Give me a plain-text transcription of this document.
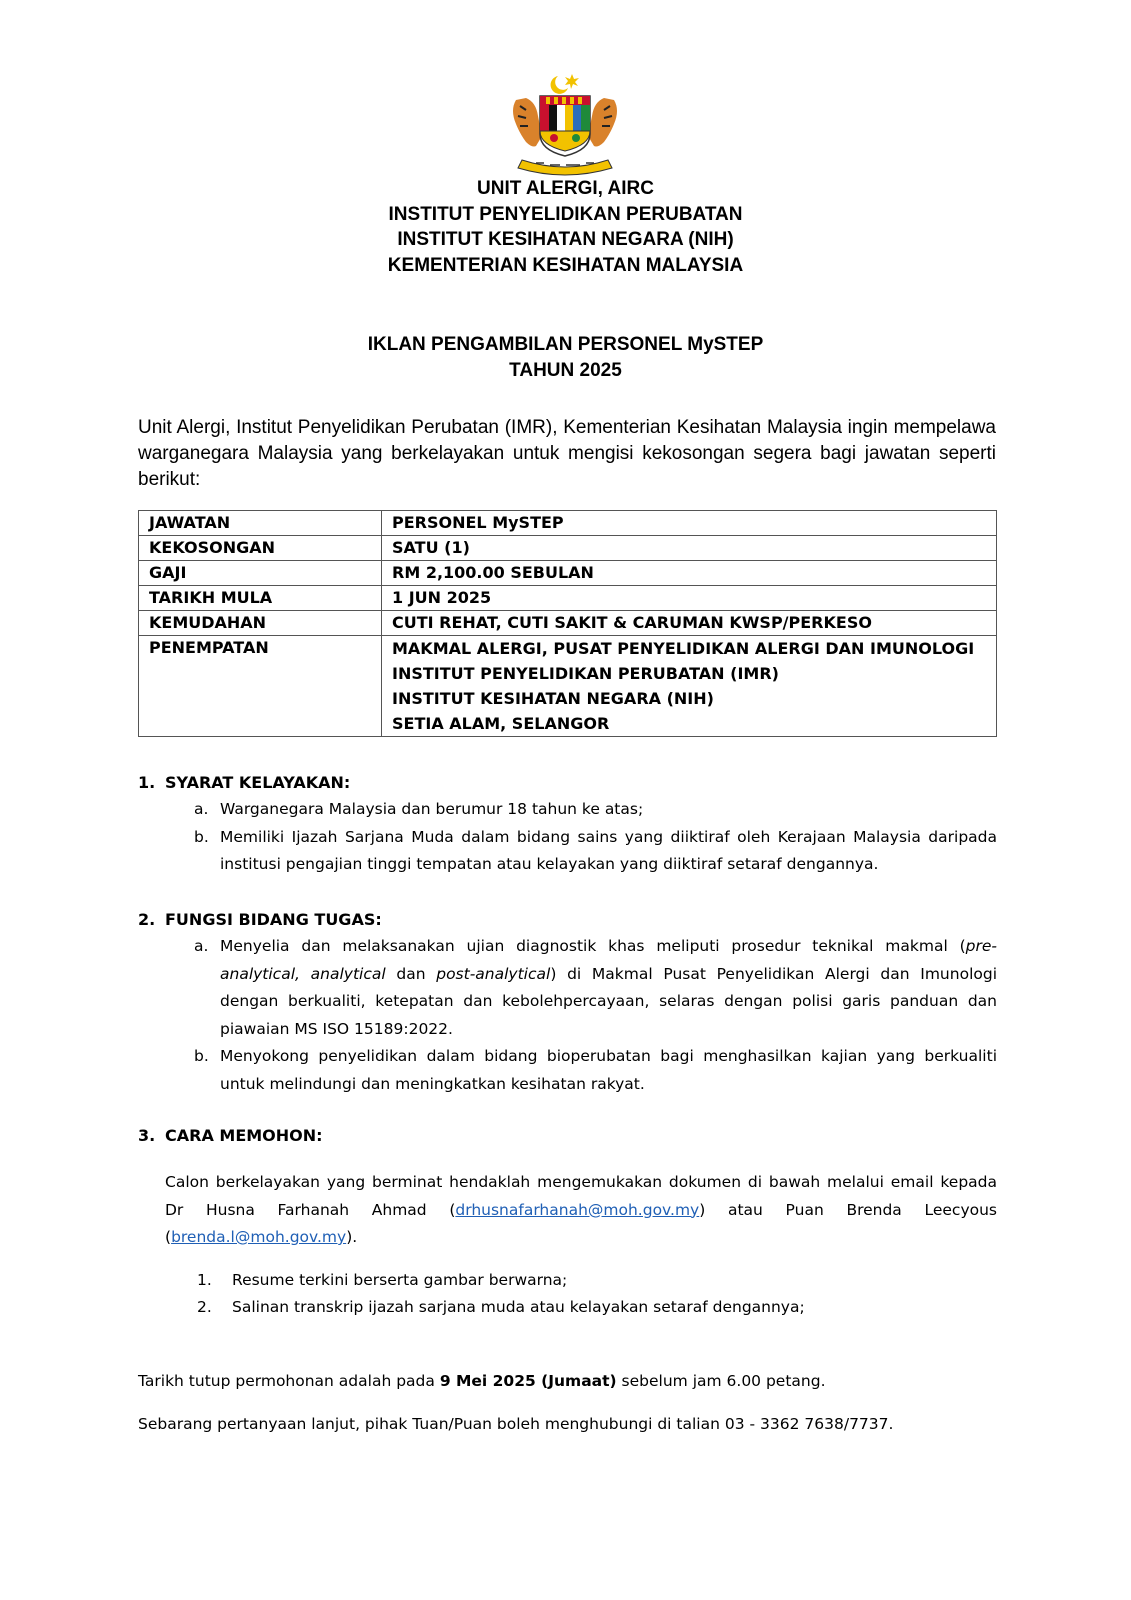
UNIT ALERGI, AIRC
INSTITUT PENYELIDIKAN PERUBATAN
INSTITUT KESIHATAN NEGARA (NIH)
KEMENTERIAN KESIHATAN MALAYSIA
IKLAN PENGAMBILAN PERSONEL MySTEP
TAHUN 2025
Unit Alergi, Institut Penyelidikan Perubatan (IMR), Kementerian Kesihatan Malaysia ingin mempelawa warganegara Malaysia yang berkelayakan untuk mengisi kekosongan segera bagi jawatan seperti berikut:
JAWATAN	PERSONEL MySTEP
KEKOSONGAN	SATU (1)
GAJI	RM 2,100.00 SEBULAN
TARIKH MULA	1 JUN 2025
KEMUDAHAN	CUTI REHAT, CUTI SAKIT & CARUMAN KWSP/PERKESO
PENEMPATAN	MAKMAL ALERGI, PUSAT PENYELIDIKAN ALERGI DAN IMUNOLOGI
INSTITUT PENYELIDIKAN PERUBATAN (IMR)
INSTITUT KESIHATAN NEGARA (NIH)
SETIA ALAM, SELANGOR
1. SYARAT KELAYAKAN:
a. Warganegara Malaysia dan berumur 18 tahun ke atas;
b. Memiliki Ijazah Sarjana Muda dalam bidang sains yang diiktiraf oleh Kerajaan Malaysia daripada institusi pengajian tinggi tempatan atau kelayakan yang diiktiraf setaraf dengannya.
2. FUNGSI BIDANG TUGAS:
a. Menyelia dan melaksanakan ujian diagnostik khas meliputi prosedur teknikal makmal (pre-analytical, analytical dan post-analytical) di Makmal Pusat Penyelidikan Alergi dan Imunologi dengan berkualiti, ketepatan dan kebolehpercayaan, selaras dengan polisi garis panduan dan piawaian MS ISO 15189:2022.
b. Menyokong penyelidikan dalam bidang bioperubatan bagi menghasilkan kajian yang berkualiti untuk melindungi dan meningkatkan kesihatan rakyat.
3. CARA MEMOHON:
Calon berkelayakan yang berminat hendaklah mengemukakan dokumen di bawah melalui email kepada Dr Husna Farhanah Ahmad (drhusnafarhanah@moh.gov.my) atau Puan Brenda Leecyous (brenda.l@moh.gov.my).
1. Resume terkini berserta gambar berwarna;
2. Salinan transkrip ijazah sarjana muda atau kelayakan setaraf dengannya;
Tarikh tutup permohonan adalah pada 9 Mei 2025 (Jumaat) sebelum jam 6.00 petang.
Sebarang pertanyaan lanjut, pihak Tuan/Puan boleh menghubungi di talian 03 - 3362 7638/7737.
